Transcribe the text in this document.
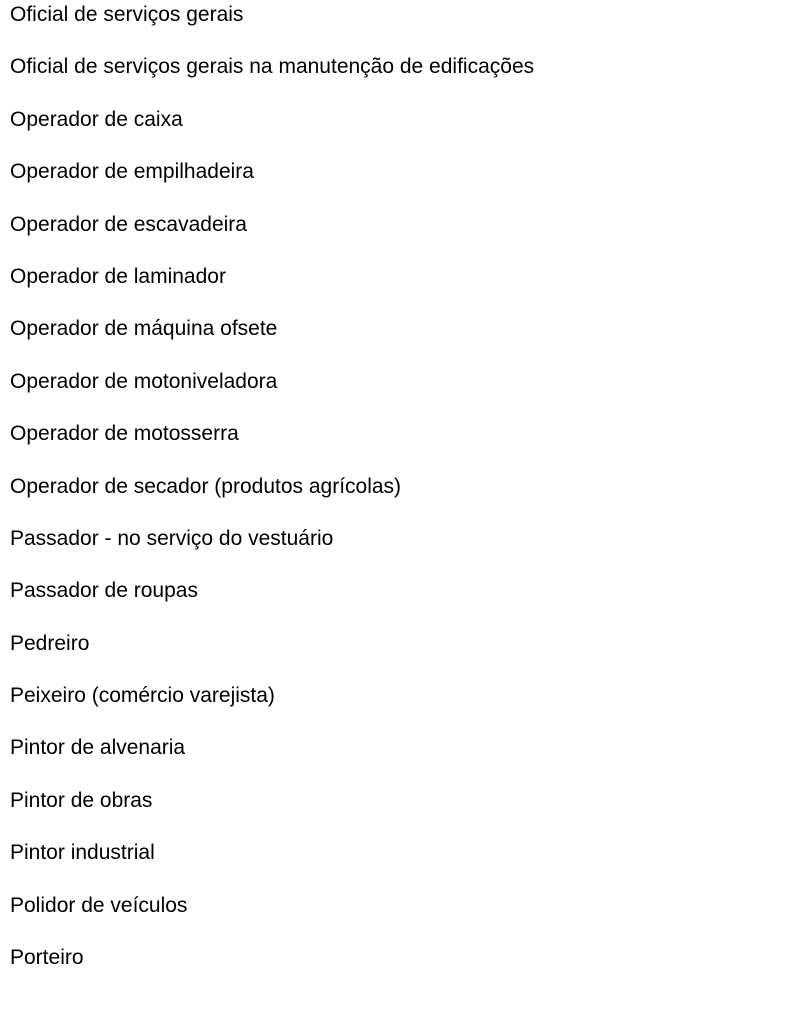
Oficial de serviços gerais
Oficial de serviços gerais na manutenção de edificações
Operador de caixa
Operador de empilhadeira
Operador de escavadeira
Operador de laminador
Operador de máquina ofsete
Operador de motoniveladora
Operador de motosserra
Operador de secador (produtos agrícolas)
Passador - no serviço do vestuário
Passador de roupas
Pedreiro
Peixeiro (comércio varejista)
Pintor de alvenaria
Pintor de obras
Pintor industrial
Polidor de veículos
Porteiro
